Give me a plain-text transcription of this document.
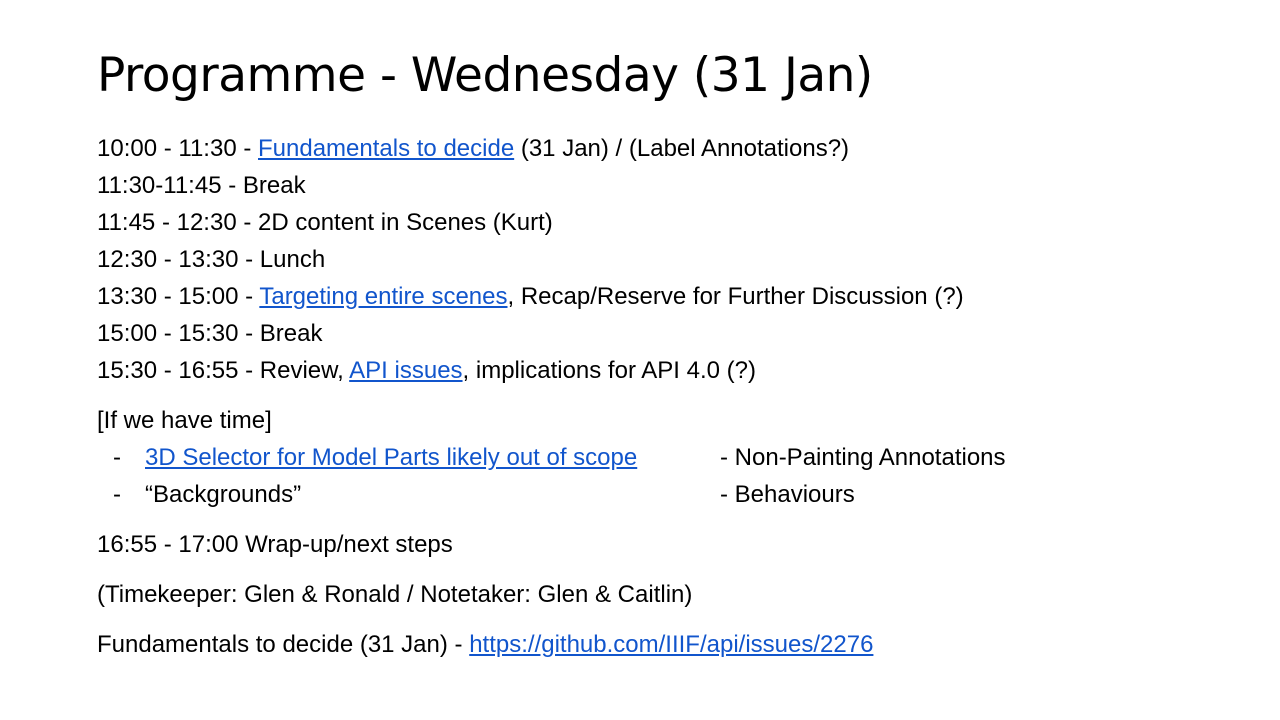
Programme - Wednesday (31 Jan)
10:00 - 11:30 - Fundamentals to decide (31 Jan) / (Label Annotations?)
11:30-11:45 - Break
11:45 - 12:30 - 2D content in Scenes (Kurt)
12:30 - 13:30 - Lunch
13:30 - 15:00 - Targeting entire scenes, Recap/Reserve for Further Discussion (?)
15:00 - 15:30 - Break
15:30 - 16:55 - Review, API issues, implications for API 4.0 (?)
[If we have time]
- 3D Selector for Model Parts likely out of scope	- Non-Painting Annotations
- “Backgrounds”	- Behaviours
16:55 - 17:00 Wrap-up/next steps
(Timekeeper: Glen & Ronald / Notetaker: Glen & Caitlin)
Fundamentals to decide (31 Jan) - https://github.com/IIIF/api/issues/2276
